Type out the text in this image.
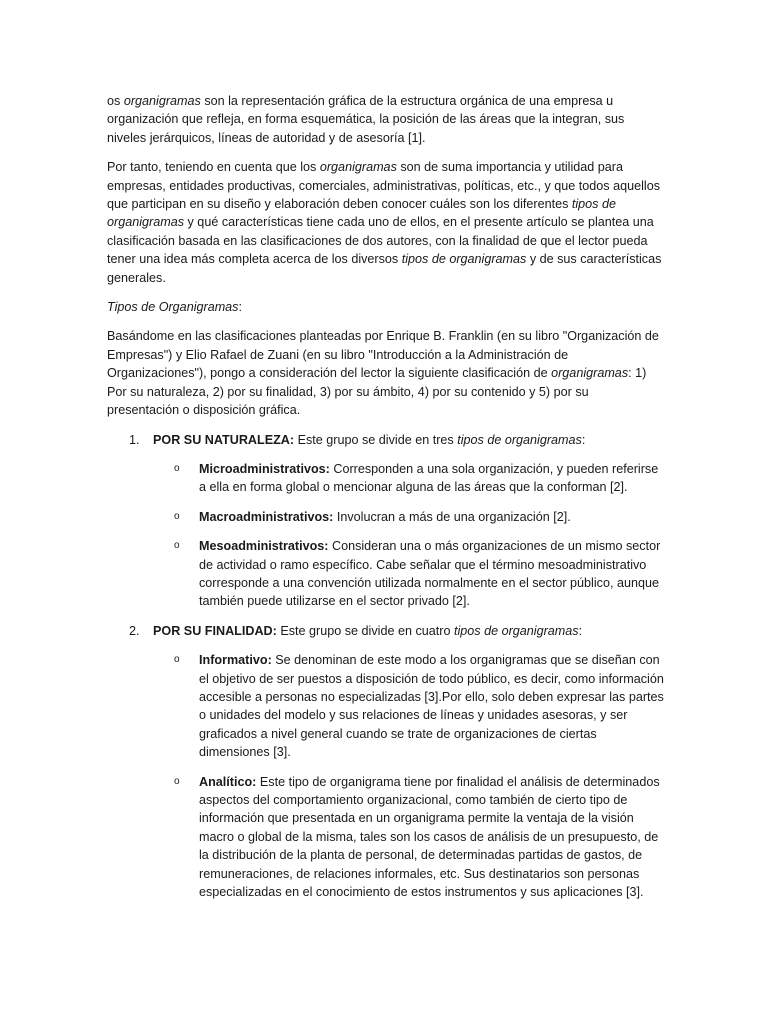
os organigramas son la representación gráfica de la estructura orgánica de una empresa u organización que refleja, en forma esquemática, la posición de las áreas que la integran, sus niveles jerárquicos, líneas de autoridad y de asesoría [1].

Por tanto, teniendo en cuenta que los organigramas son de suma importancia y utilidad para empresas, entidades productivas, comerciales, administrativas, políticas, etc., y que todos aquellos que participan en su diseño y elaboración deben conocer cuáles son los diferentes tipos de organigramas y qué características tiene cada uno de ellos, en el presente artículo se plantea una clasificación basada en las clasificaciones de dos autores, con la finalidad de que el lector pueda tener una idea más completa acerca de los diversos tipos de organigramas y de sus características generales.

Tipos de Organigramas:

Basándome en las clasificaciones planteadas por Enrique B. Franklin (en su libro "Organización de Empresas") y Elio Rafael de Zuani (en su libro "Introducción a la Administración de Organizaciones"), pongo a consideración del lector la siguiente clasificación de organigramas: 1) Por su naturaleza, 2) por su finalidad, 3) por su ámbito, 4) por su contenido y 5) por su presentación o disposición gráfica.

1. POR SU NATURALEZA: Este grupo se divide en tres tipos de organigramas:

o Microadministrativos: Corresponden a una sola organización, y pueden referirse a ella en forma global o mencionar alguna de las áreas que la conforman [2].
o Macroadministrativos: Involucran a más de una organización [2].
o Mesoadministrativos: Consideran una o más organizaciones de un mismo sector de actividad o ramo específico. Cabe señalar que el término mesoadministrativo corresponde a una convención utilizada normalmente en el sector público, aunque también puede utilizarse en el sector privado [2].
2. POR SU FINALIDAD: Este grupo se divide en cuatro tipos de organigramas:

o Informativo: Se denominan de este modo a los organigramas que se diseñan con el objetivo de ser puestos a disposición de todo público, es decir, como información accesible a personas no especializadas [3].Por ello, solo deben expresar las partes o unidades del modelo y sus relaciones de líneas y unidades asesoras, y ser graficados a nivel general cuando se trate de organizaciones de ciertas dimensiones [3].
o Analítico: Este tipo de organigrama tiene por finalidad el análisis de determinados aspectos del comportamiento organizacional, como también de cierto tipo de información que presentada en un organigrama permite la ventaja de la visión macro o global de la misma, tales son los casos de análisis de un presupuesto, de la distribución de la planta de personal, de determinadas partidas de gastos, de remuneraciones, de relaciones informales, etc. Sus destinatarios son personas especializadas en el conocimiento de estos instrumentos y sus aplicaciones [3].
